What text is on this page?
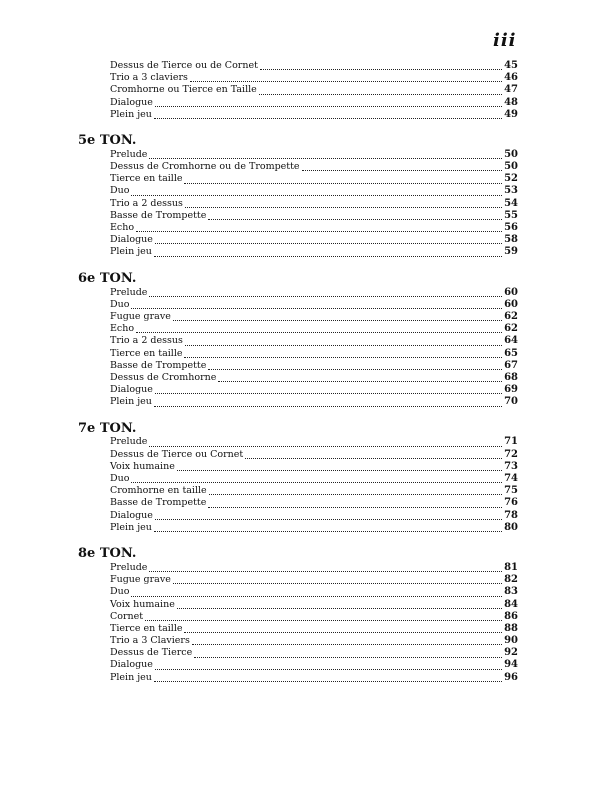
iii
Dessus de Tierce ou de Cornet	45
Trio a 3 claviers	46
Cromhorne ou Tierce en Taille	47
Dialogue	48
Plein jeu	49
5e TON.
Prelude	50
Dessus de Cromhorne ou de Trompette	50
Tierce en taille	52
Duo	53
Trio a 2 dessus	54
Basse de Trompette	55
Echo	56
Dialogue	58
Plein jeu	59
6e TON.
Prelude	60
Duo	60
Fugue grave	62
Echo	62
Trio a 2 dessus	64
Tierce en taille	65
Basse de Trompette	67
Dessus de Cromhorne	68
Dialogue	69
Plein jeu	70
7e TON.
Prelude	71
Dessus de Tierce ou Cornet	72
Voix humaine	73
Duo	74
Cromhorne en taille	75
Basse de Trompette	76
Dialogue	78
Plein jeu	80
8e TON.
Prelude	81
Fugue grave	82
Duo	83
Voix humaine	84
Cornet	86
Tierce en taille	88
Trio a 3 Claviers	90
Dessus de Tierce	92
Dialogue	94
Plein jeu	96
